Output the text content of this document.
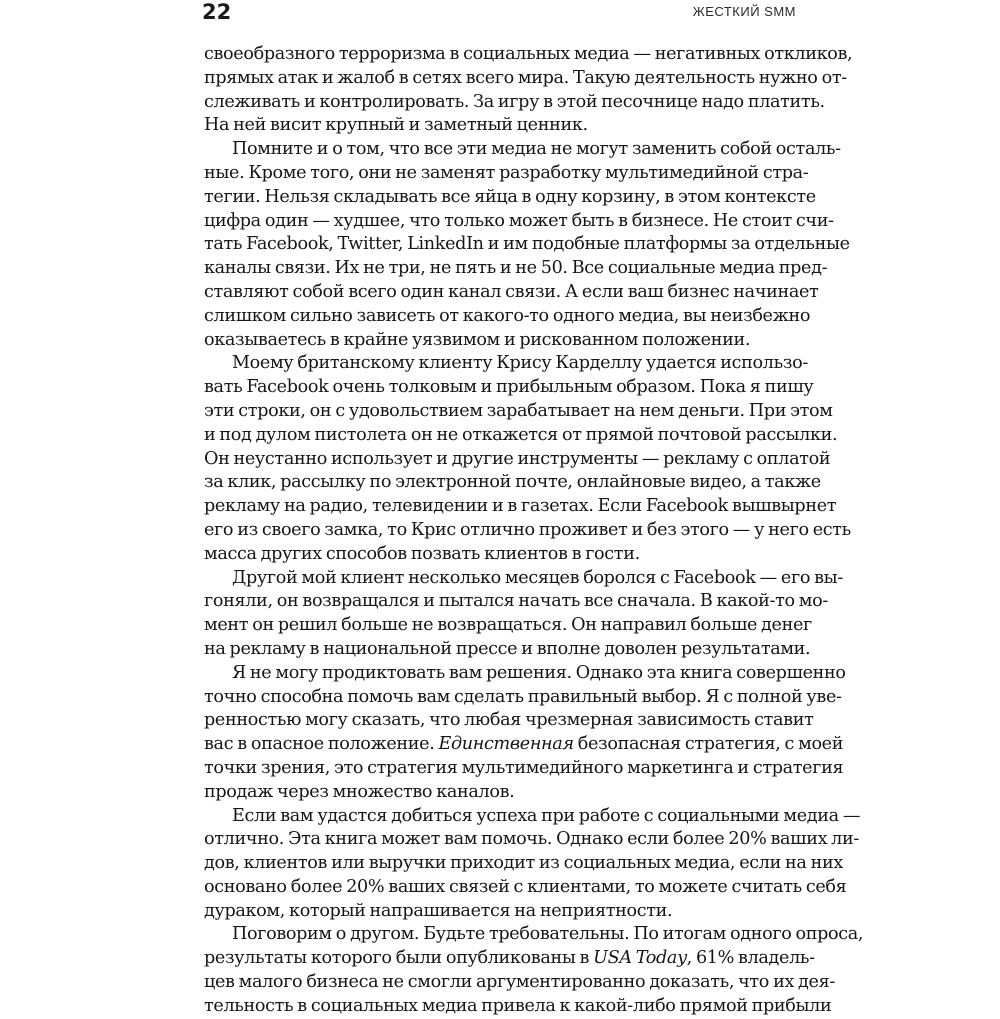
22	ЖЕСТКИЙ SMM

своеобразного терроризма в социальных медиа — негативных откликов,
прямых атак и жалоб в сетях всего мира. Такую деятельность нужно от-
слеживать и контролировать. За игру в этой песочнице надо платить.
На ней висит крупный и заметный ценник.

Помните и о том, что все эти медиа не могут заменить собой осталь-
ные. Кроме того, они не заменят разработку мультимедийной стра-
тегии. Нельзя складывать все яйца в одну корзину, в этом контексте
цифра один — худшее, что только может быть в бизнесе. Не стоит счи-
тать Facebook, Twitter, LinkedIn и им подобные платформы за отдельные
каналы связи. Их не три, не пять и не 50. Все социальные медиа пред-
ставляют собой всего один канал связи. А если ваш бизнес начинает
слишком сильно зависеть от какого-то одного медиа, вы неизбежно
оказываетесь в крайне уязвимом и рискованном положении.

Моему британскому клиенту Крису Карделлу удается использо-
вать Facebook очень толковым и прибыльным образом. Пока я пишу
эти строки, он с удовольствием зарабатывает на нем деньги. При этом
и под дулом пистолета он не откажется от прямой почтовой рассылки.
Он неустанно использует и другие инструменты — рекламу с оплатой
за клик, рассылку по электронной почте, онлайновые видео, а также
рекламу на радио, телевидении и в газетах. Если Facebook вышвырнет
его из своего замка, то Крис отлично проживет и без этого — у него есть
масса других способов позвать клиентов в гости.

Другой мой клиент несколько месяцев боролся с Facebook — его вы-
гоняли, он возвращался и пытался начать все сначала. В какой-то мо-
мент он решил больше не возвращаться. Он направил больше денег
на рекламу в национальной прессе и вполне доволен результатами.

Я не могу продиктовать вам решения. Однако эта книга совершенно
точно способна помочь вам сделать правильный выбор. Я с полной уве-
ренностью могу сказать, что любая чрезмерная зависимость ставит
вас в опасное положение. Единственная безопасная стратегия, с моей
точки зрения, это стратегия мультимедийного маркетинга и стратегия
продаж через множество каналов.

Если вам удастся добиться успеха при работе с социальными медиа —
отлично. Эта книга может вам помочь. Однако если более 20% ваших ли-
дов, клиентов или выручки приходит из социальных медиа, если на них
основано более 20% ваших связей с клиентами, то можете считать себя
дураком, который напрашивается на неприятности.

Поговорим о другом. Будьте требовательны. По итогам одного опроса,
результаты которого были опубликованы в USA Today, 61% владель-
цев малого бизнеса не смогли аргументированно доказать, что их дея-
тельность в социальных медиа привела к какой-либо прямой прибыли
